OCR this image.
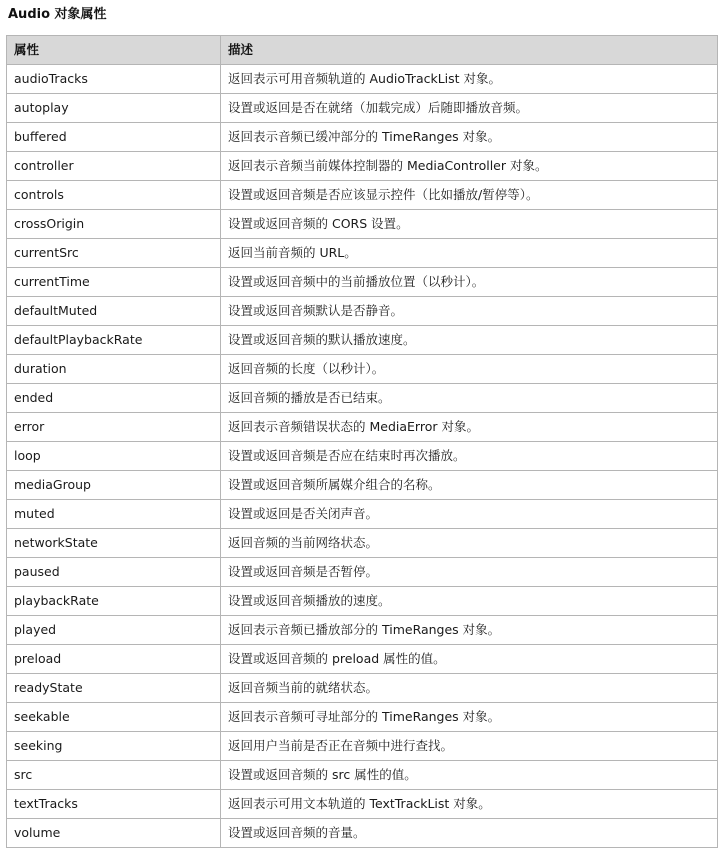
Audio 对象属性
属性	描述
audioTracks	返回表示可用音频轨道的 AudioTrackList 对象。
autoplay	设置或返回是否在就绪（加载完成）后随即播放音频。
buffered	返回表示音频已缓冲部分的 TimeRanges 对象。
controller	返回表示音频当前媒体控制器的 MediaController 对象。
controls	设置或返回音频是否应该显示控件（比如播放/暂停等）。
crossOrigin	设置或返回音频的 CORS 设置。
currentSrc	返回当前音频的 URL。
currentTime	设置或返回音频中的当前播放位置（以秒计）。
defaultMuted	设置或返回音频默认是否静音。
defaultPlaybackRate	设置或返回音频的默认播放速度。
duration	返回音频的长度（以秒计）。
ended	返回音频的播放是否已结束。
error	返回表示音频错误状态的 MediaError 对象。
loop	设置或返回音频是否应在结束时再次播放。
mediaGroup	设置或返回音频所属媒介组合的名称。
muted	设置或返回是否关闭声音。
networkState	返回音频的当前网络状态。
paused	设置或返回音频是否暂停。
playbackRate	设置或返回音频播放的速度。
played	返回表示音频已播放部分的 TimeRanges 对象。
preload	设置或返回音频的 preload 属性的值。
readyState	返回音频当前的就绪状态。
seekable	返回表示音频可寻址部分的 TimeRanges 对象。
seeking	返回用户当前是否正在音频中进行查找。
src	设置或返回音频的 src 属性的值。
textTracks	返回表示可用文本轨道的 TextTrackList 对象。
volume	设置或返回音频的音量。
